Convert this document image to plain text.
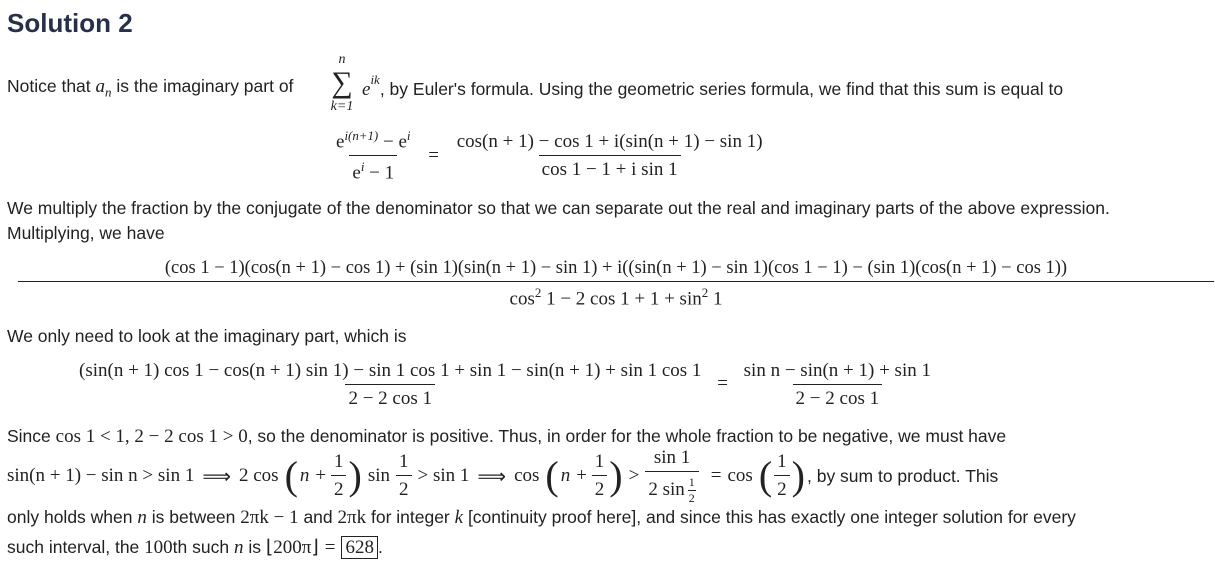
Solution 2
Notice that $a_n$ is the imaginary part of
n
∑
k=1
$e^{ik}$, by Euler's formula. Using the geometric series formula, we find that this sum is equal to
$\frac{e^{i(n+1)} - e^i}{e^i - 1} = \frac{\cos(n + 1) - \cos 1 + i(\sin(n + 1) - \sin 1)}{\text{cos 1 − 1 + i sin 1}}$
We multiply the fraction by the conjugate of the denominator so that we can separate out the real and imaginary parts of the above expression.
Multiplying, we have
(cos 1 − 1)(cos(n + 1) − cos 1) + (sin 1)(sin(n + 1) − sin 1) + i((sin(n + 1) − sin 1)(cos 1 − 1) − (sin 1)(cos(n + 1) − cos 1))
$\cos^2 1 - 2$ $\cos 1 + 1 + \sin^2 1$
We only need to look at the imaginary part, which is
(sin(n + 1) cos 1 − cos(n + 1) sin 1) − sin 1 cos 1 + sin 1 − sin(n + 1) + sin 1 cos 1
2 − 2 cos 1
= $\frac{\text{sin n − sin(n + 1) + sin 1}}{2 - 2 \cos 1}$
Since cos 1 < 1, 2 − 2 cos 1 > 0, so the denominator is positive. Thus, in order for the whole fraction to be negative, we must have
sin(n + 1) − sin n > sin 1 ⟹ 2 cos ( $n + \frac{1}{2}$ ) $\sin \frac{1}{2} > \sin 1$ ⟹ cos ( $n + \frac{1}{2}$ ) > $\frac{\sin 1}{2 \sin \frac{1}{2}} = \cos$ ( $\frac{1}{2}$ ) , by sum to product. This
only holds when n is between 2πk − 1 and 2πk for integer k [continuity proof here], and since this has exactly one integer solution for every
such interval, the 100th such n is ⌊200π⌋ = 628 .
